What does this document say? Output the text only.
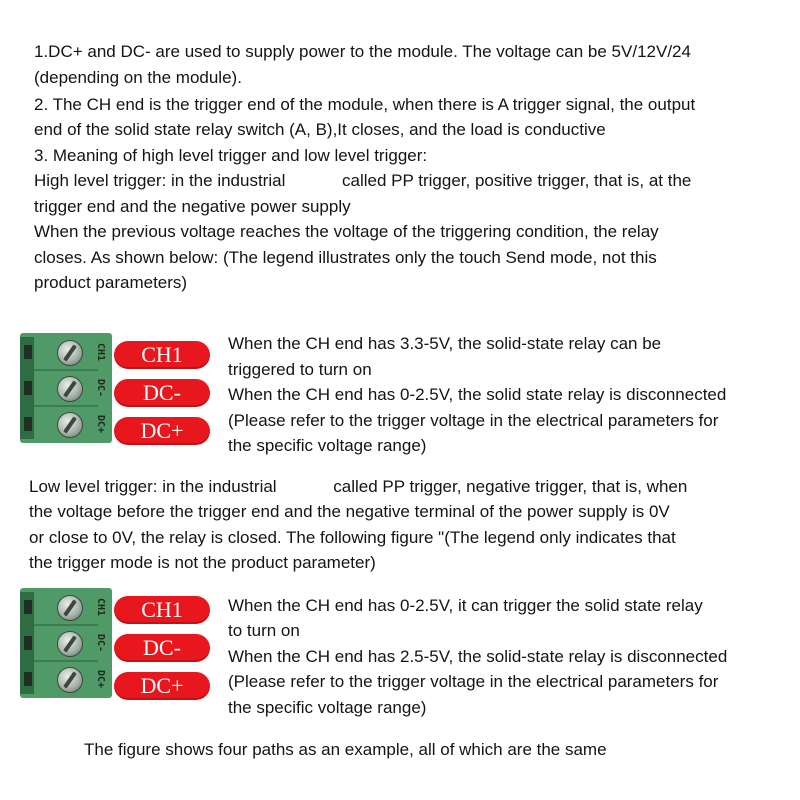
1.DC+ and DC- are used to supply power to the module. The voltage can be 5V/12V/24
(depending on the module).
2. The CH end is the trigger end of the module, when there is A trigger signal, the output
end of the solid state relay switch (A, B),It closes, and the load is conductive
3. Meaning of high level trigger and low level trigger:
High level trigger: in the industrial            called PP trigger, positive trigger, that is, at the
trigger end and the negative power supply
When the previous voltage reaches the voltage of the triggering condition, the relay
closes. As shown below: (The legend illustrates only the touch Send mode, not this
product parameters)
CH1
DC-
DC+
CH1
DC-
DC+
When the CH end has 3.3-5V, the solid-state relay can be
triggered to turn on
When the CH end has 0-2.5V, the solid state relay is disconnected
(Please refer to the trigger voltage in the electrical parameters for
the specific voltage range)
Low level trigger: in the industrial            called PP trigger, negative trigger, that is, when
the voltage before the trigger end and the negative terminal of the power supply is 0V
or close to 0V, the relay is closed. The following figure "(The legend only indicates that
the trigger mode is not the product parameter)
CH1
DC-
DC+
CH1
DC-
DC+
When the CH end has 0-2.5V, it can trigger the solid state relay
to turn on
When the CH end has 2.5-5V, the solid-state relay is disconnected
(Please refer to the trigger voltage in the electrical parameters for
the specific voltage range)
The figure shows four paths as an example, all of which are the same
